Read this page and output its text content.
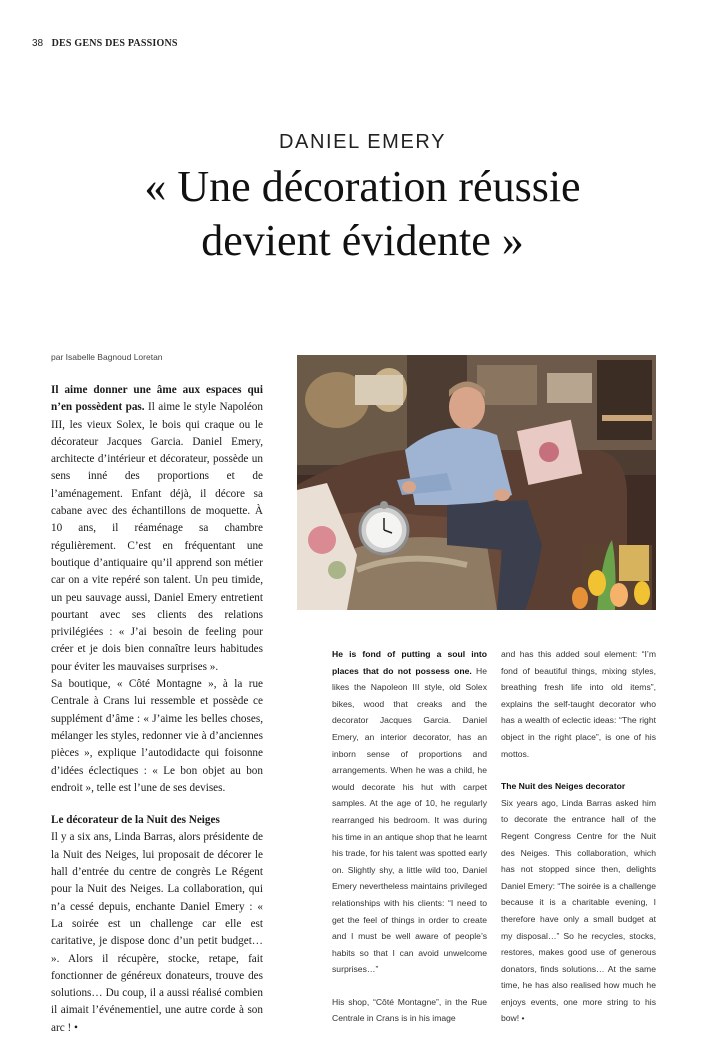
38 DES GENS DES PASSIONS
DANIEL EMERY
« Une décoration réussie
devient évidente »
par Isabelle Bagnoud Loretan

Il aime donner une âme aux espaces qui n’en possèdent pas. Il aime le style Napoléon III, les vieux Solex, le bois qui craque ou le décorateur Jacques Garcia. Daniel Emery, architecte d’intérieur et décorateur, possède un sens inné des proportions et de l’aménagement. Enfant déjà, il décore sa cabane avec des échantillons de moquette. À 10 ans, il réaménage sa chambre régulièrement. C’est en fréquentant une boutique d’antiquaire qu’il apprend son métier car on a vite repéré son talent. Un peu timide, un peu sauvage aussi, Daniel Emery entretient pourtant avec ses clients des relations privilégiées : « J’ai besoin de feeling pour créer et je dois bien connaître leurs habitudes pour éviter les mauvaises surprises ».

Sa boutique, « Côté Montagne », à la rue Centrale à Crans lui ressemble et possède ce supplément d’âme : « J’aime les belles choses, mélanger les styles, redonner vie à d’anciennes pièces », explique l’autodidacte qui foisonne d’idées éclectiques : « Le bon objet au bon endroit », telle est l’une de ses devises.

Le décorateur de la Nuit des Neiges

Il y a six ans, Linda Barras, alors présidente de la Nuit des Neiges, lui proposait de décorer le hall d’entrée du centre de congrès Le Régent pour la Nuit des Neiges. La collaboration, qui n’a cessé depuis, enchante Daniel Emery : « La soirée est un challenge car elle est caritative, je dispose donc d’un petit budget… ». Alors il récupère, stocke, retape, fait fonctionner de généreux donateurs, trouve des solutions… Du coup, il a aussi réalisé combien il aimait l’événementiel, une autre corde à son arc ! •

He is fond of putting a soul into places that do not possess one. He likes the Napoleon III style, old Solex bikes, wood that creaks and the decorator Jacques Garcia. Daniel Emery, an interior decorator, has an inborn sense of proportions and arrangements. When he was a child, he would decorate his hut with carpet samples. At the age of 10, he regularly rearranged his bedroom. It was during his time in an antique shop that he learnt his trade, for his talent was spotted early on. Slightly shy, a little wild too, Daniel Emery nevertheless maintains privileged relationships with his clients: “I need to get the feel of things in order to create and I must be well aware of people’s habits so that I can avoid unwelcome surprises…”

His shop, “Côté Montagne”, in the Rue Centrale in Crans is in his image

and has this added soul element: “I’m fond of beautiful things, mixing styles, breathing fresh life into old items”, explains the self-taught decorator who has a wealth of eclectic ideas: “The right object in the right place”, is one of his mottos.

The Nuit des Neiges decorator

Six years ago, Linda Barras asked him to decorate the entrance hall of the Regent Congress Centre for the Nuit des Neiges. This collaboration, which has not stopped since then, delights Daniel Emery: “The soirée is a challenge because it is a charitable evening, I therefore have only a small budget at my disposal…” So he recycles, stocks, restores, makes good use of generous donators, finds solutions… At the same time, he has also realised how much he enjoys events, one more string to his bow! •
